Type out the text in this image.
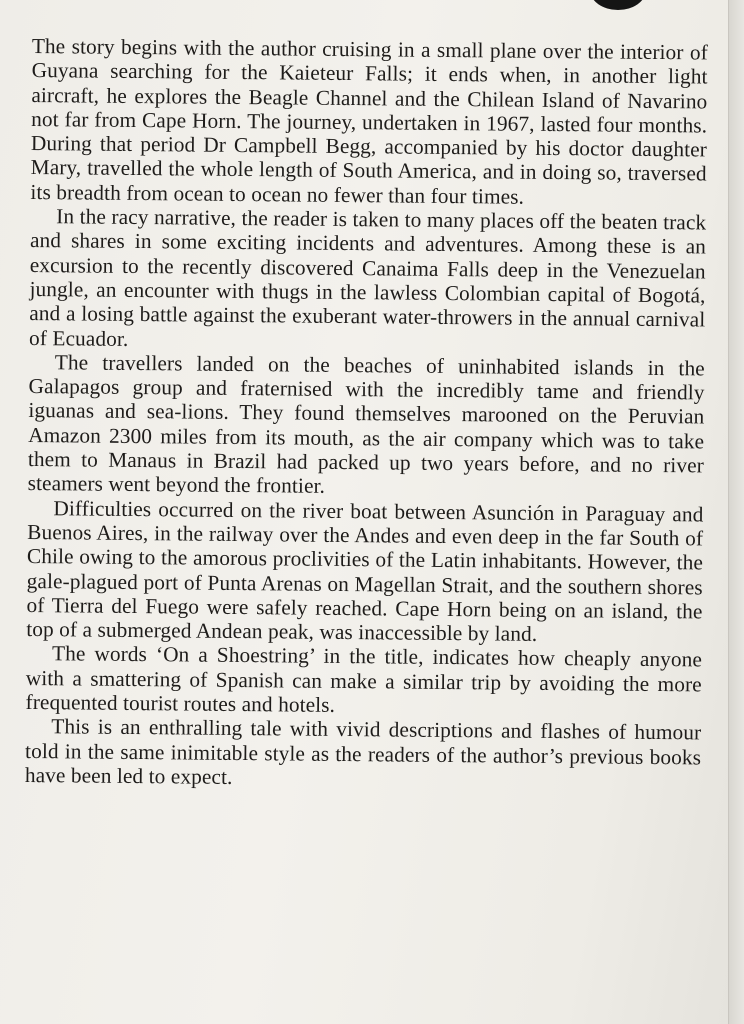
The story begins with the author cruising in a small plane over the interior of Guyana searching for the Kaieteur Falls; it ends when, in another light aircraft, he explores the Beagle Channel and the Chilean Island of Navarino not far from Cape Horn. The journey, undertaken in 1967, lasted four months. During that period Dr Campbell Begg, accompanied by his doctor daughter Mary, travelled the whole length of South America, and in doing so, traversed its breadth from ocean to ocean no fewer than four times.

In the racy narrative, the reader is taken to many places off the beaten track and shares in some exciting incidents and adventures. Among these is an excursion to the recently discovered Canaima Falls deep in the Venezuelan jungle, an encounter with thugs in the lawless Colombian capital of Bogotá, and a losing battle against the exuberant water-throwers in the annual carnival of Ecuador.

The travellers landed on the beaches of uninhabited islands in the Galapagos group and fraternised with the incredibly tame and friendly iguanas and sea-lions. They found themselves marooned on the Peruvian Amazon 2300 miles from its mouth, as the air company which was to take them to Manaus in Brazil had packed up two years before, and no river steamers went beyond the frontier.

Difficulties occurred on the river boat between Asunción in Paraguay and Buenos Aires, in the railway over the Andes and even deep in the far South of Chile owing to the amorous proclivities of the Latin inhabitants. However, the gale-plagued port of Punta Arenas on Magellan Strait, and the southern shores of Tierra del Fuego were safely reached. Cape Horn being on an island, the top of a submerged Andean peak, was inaccessible by land.

The words ‘On a Shoestring’ in the title, indicates how cheaply anyone with a smattering of Spanish can make a similar trip by avoiding the more frequented tourist routes and hotels.

This is an enthralling tale with vivid descriptions and flashes of humour told in the same inimitable style as the readers of the author’s previous books have been led to expect.
